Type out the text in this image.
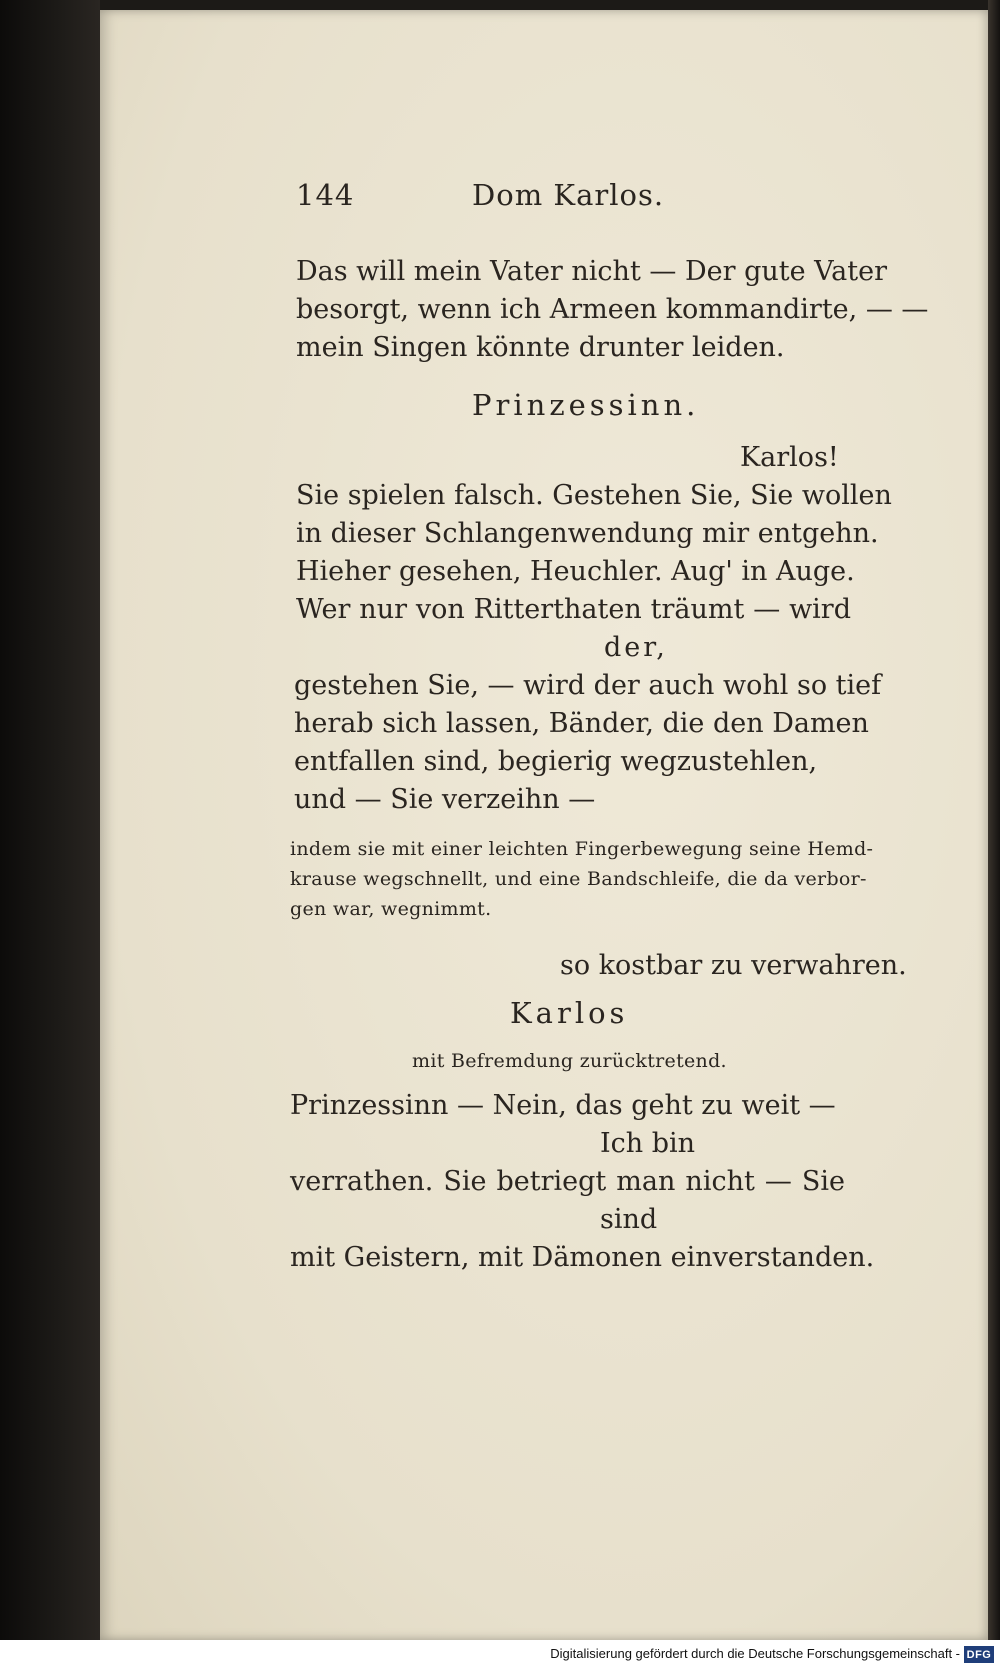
144	Dom Karlos.
Das will mein Vater nicht — Der gute Vater
besorgt, wenn ich Armeen kommandirte, — —
mein Singen könnte drunter leiden.
Prinzessinn.
Karlos!
Sie spielen falsch. Gestehen Sie, Sie wollen
in dieser Schlangenwendung mir entgehn.
Hieher gesehen, Heuchler. Aug' in Auge.
Wer nur von Ritterthaten träumt — wird
der,
gestehen Sie, — wird der auch wohl so tief
herab sich lassen, Bänder, die den Damen
entfallen sind, begierig wegzustehlen,
und — Sie verzeihn —
indem sie mit einer leichten Fingerbewegung seine Hemd-
krause wegschnellt, und eine Bandschleife, die da verbor-
gen war, wegnimmt.
so kostbar zu verwahren.
Karlos
mit Befremdung zurücktretend.
Prinzessinn — Nein, das geht zu weit —
Ich bin
verrathen. Sie betriegt man nicht — Sie
sind
mit Geistern, mit Dämonen einverstanden.
Digitalisierung gefördert durch die Deutsche Forschungsgemeinschaft - DFG
